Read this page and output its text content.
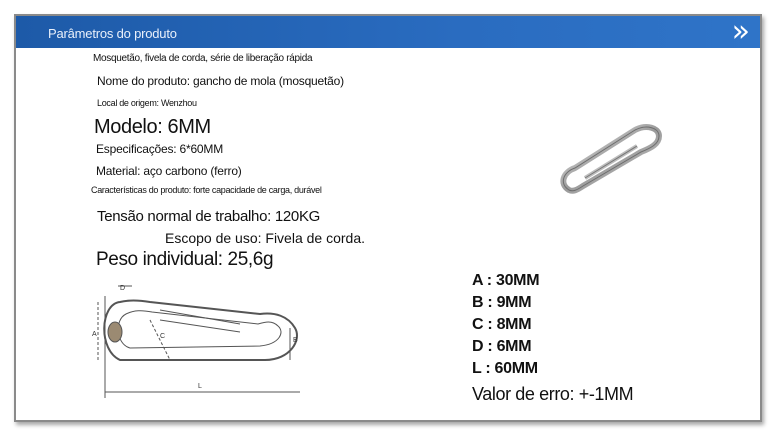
Parâmetros do produto	»
Mosquetão, fivela de corda, série de liberação rápida
Nome do produto: gancho de mola (mosquetão)
Local de origem: Wenzhou
Modelo: 6MM
Especificações: 6*60MM
Material: aço carbono (ferro)
Características do produto: forte capacidade de carga, durável
Tensão normal de trabalho: 120KG
Escopo de uso: Fivela de corda.
Peso individual: 25,6g
D
A	C
B
L
A : 30MM
B : 9MM
C : 8MM
D : 6MM
L : 60MM
Valor de erro: +-1MM
